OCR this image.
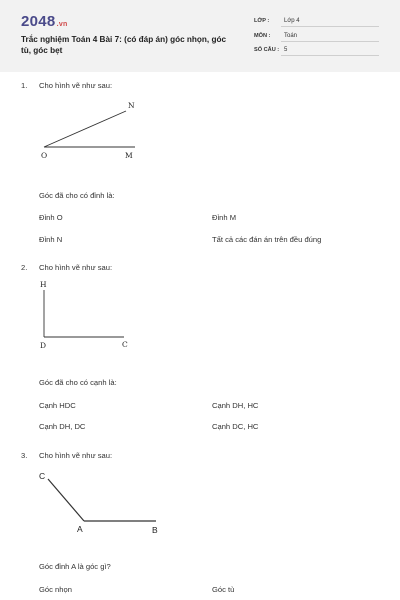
2048.vn
Trắc nghiệm Toán 4 Bài 7: (có đáp án) góc nhọn, góc tù, góc bẹt
LỚP : Lớp 4
MÔN : Toán
SỐ CÂU : 5
1. Cho hình vẽ như sau:
N
O	M
Góc đã cho có đỉnh là:
Đỉnh O	Đỉnh M
Đỉnh N	Tất cả các đán án trên đều đúng
2. Cho hình vẽ như sau:
H
D	C
Góc đã cho có cạnh là:
Cạnh HDC	Cạnh DH, HC
Cạnh DH, DC	Cạnh DC, HC
3. Cho hình vẽ như sau:
C
A	B
Góc đỉnh A là góc gì?
Góc nhọn	Góc tù
